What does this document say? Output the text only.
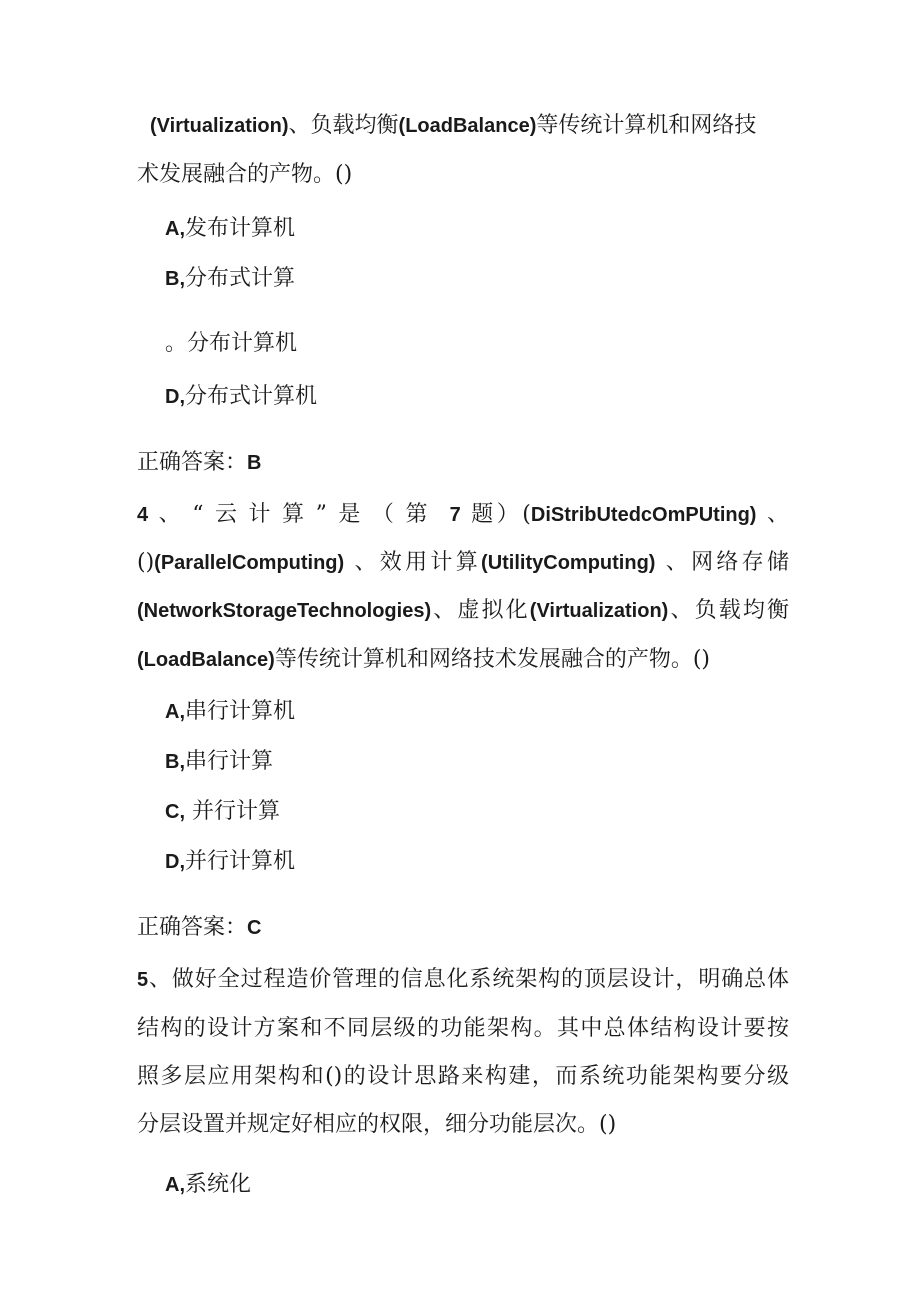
(Virtualization)、负载均衡(LoadBalance)等传统计算机和网络技
术发展融合的产物。()
A,发布计算机
B,分布式计算
。分布计算机
D,分布式计算机
正确答案：B
4 、“云计算”是（第 7 题）(DiStribUtedcOmPUting) 、
()(ParallelComputing) 、效用计算(UtilityComputing) 、网络存储
(NetworkStorageTechnologies)、虚拟化(Virtualization)、负载均衡
(LoadBalance)等传统计算机和网络技术发展融合的产物。()
A,串行计算机
B,串行计算
C, 并行计算
D,并行计算机
正确答案：C
5、做好全过程造价管理的信息化系统架构的顶层设计，明确总体
结构的设计方案和不同层级的功能架构。其中总体结构设计要按
照多层应用架构和()的设计思路来构建，而系统功能架构要分级
分层设置并规定好相应的权限，细分功能层次。()
A,系统化
